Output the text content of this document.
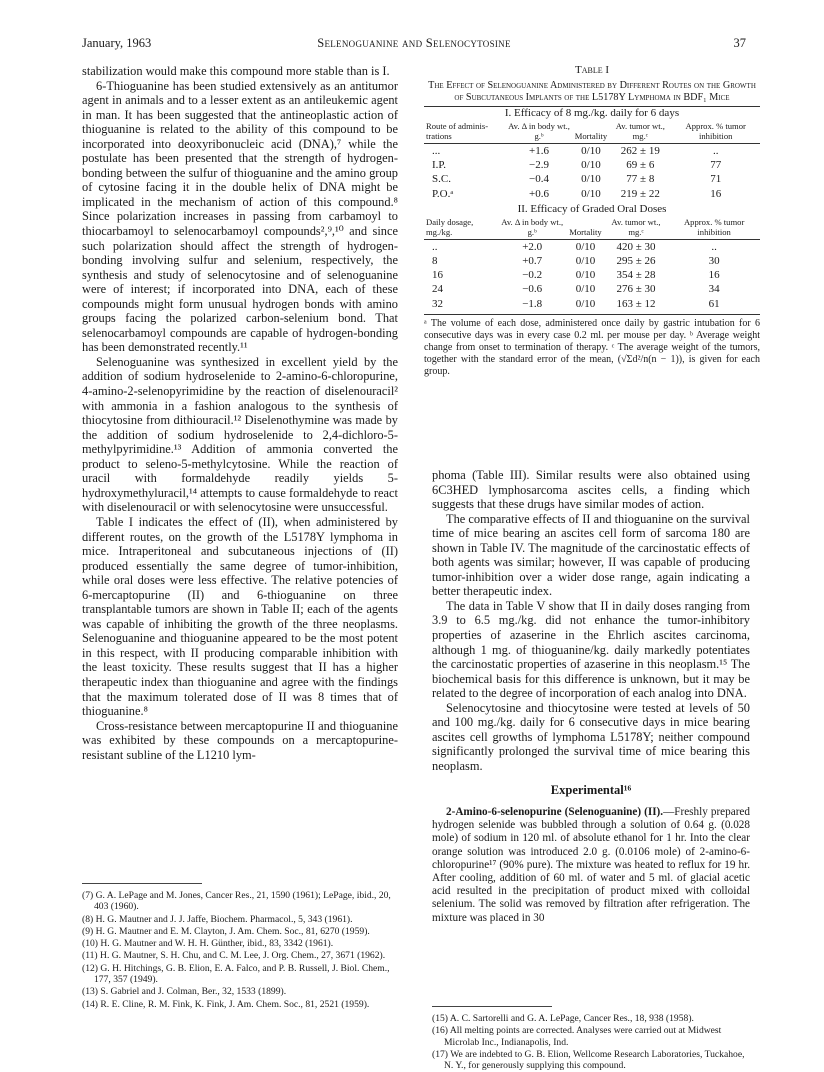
January, 1963	Selenoguanine and Selenocytosine	37

stabilization would make this compound more stable than is I.

6-Thioguanine has been studied extensively as an antitumor agent in animals and to a lesser extent as an antileukemic agent in man. It has been suggested that the antineoplastic action of thioguanine is related to the ability of this compound to be incorporated into deoxyribonucleic acid (DNA),⁷ while the postulate has been presented that the strength of hydrogen-bonding between the sulfur of thioguanine and the amino group of cytosine facing it in the double helix of DNA might be implicated in the mechanism of action of this compound.⁸ Since polarization increases in passing from carbamoyl to thiocarbamoyl to selenocarbamoyl compounds²,⁹,¹⁰ and since such polarization should affect the strength of hydrogen-bonding involving sulfur and selenium, respectively, the synthesis and study of selenocytosine and of selenoguanine were of interest; if incorporated into DNA, each of these compounds might form unusual hydrogen bonds with amino groups facing the polarized carbon-selenium bond. That selenocarbamoyl compounds are capable of hydrogen-bonding has been demonstrated recently.¹¹

Selenoguanine was synthesized in excellent yield by the addition of sodium hydroselenide to 2-amino-6-chloropurine, 4-amino-2-selenopyrimidine by the reaction of diselenouracil² with ammonia in a fashion analogous to the synthesis of thiocytosine from dithiouracil.¹² Diselenothymine was made by the addition of sodium hydroselenide to 2,4-dichloro-5-methylpyrimidine.¹³ Addition of ammonia converted the product to seleno-5-methylcytosine. While the reaction of uracil with formaldehyde readily yields 5-hydroxymethyluracil,¹⁴ attempts to cause formaldehyde to react with diselenouracil or with selenocytosine were unsuccessful.

Table I indicates the effect of (II), when administered by different routes, on the growth of the L5178Y lymphoma in mice. Intraperitoneal and subcutaneous injections of (II) produced essentially the same degree of tumor-inhibition, while oral doses were less effective. The relative potencies of 6-mercaptopurine (II) and 6-thioguanine on three transplantable tumors are shown in Table II; each of the agents was capable of inhibiting the growth of the three neoplasms. Selenoguanine and thioguanine appeared to be the most potent in this respect, with II producing comparable inhibition with the least toxicity. These results suggest that II has a higher therapeutic index than thioguanine and agree with the findings that the maximum tolerated dose of II was 8 times that of thioguanine.⁸

Cross-resistance between mercaptopurine II and thioguanine was exhibited by these compounds on a mercaptopurine-resistant subline of the L1210 lym-

Table I
The Effect of Selenoguanine Administered by Different Routes on the Growth of Subcutaneous Implants of the L5178Y Lymphoma in BDF₁ Mice
I. Efficacy of 8 mg./kg. daily for 6 days
Route of adminis-trations	Av. Δ in body wt., g.ᵇ	Mortality	Av. tumor wt., mg.ᶜ	Approx. % tumor inhibition
...	+1.6	0/10	262 ± 19	..
I.P.	−2.9	0/10	69 ± 6	77
S.C.	−0.4	0/10	77 ± 8	71
P.O.ᵃ	+0.6	0/10	219 ± 22	16
II. Efficacy of Graded Oral Doses
Daily dosage, mg./kg.	Av. Δ in body wt., g.ᵇ	Mortality	Av. tumor wt., mg.ᶜ	Approx. % tumor inhibition
..	+2.0	0/10	420 ± 30	..
8	+0.7	0/10	295 ± 26	30
16	−0.2	0/10	354 ± 28	16
24	−0.6	0/10	276 ± 30	34
32	−1.8	0/10	163 ± 12	61
ᵃ The volume of each dose, administered once daily by gastric intubation for 6 consecutive days was in every case 0.2 ml. per mouse per day. ᵇ Average weight change from onset to termination of therapy. ᶜ The average weight of the tumors, together with the standard error of the mean, (√Σd²/n(n − 1)), is given for each group.

phoma (Table III). Similar results were also obtained using 6C3HED lymphosarcoma ascites cells, a finding which suggests that these drugs have similar modes of action.

The comparative effects of II and thioguanine on the survival time of mice bearing an ascites cell form of sarcoma 180 are shown in Table IV. The magnitude of the carcinostatic effects of both agents was similar; however, II was capable of producing tumor-inhibition over a wider dose range, again indicating a better therapeutic index.

The data in Table V show that II in daily doses ranging from 3.9 to 6.5 mg./kg. did not enhance the tumor-inhibitory properties of azaserine in the Ehrlich ascites carcinoma, although 1 mg. of thioguanine/kg. daily markedly potentiates the carcinostatic properties of azaserine in this neoplasm.¹⁵ The biochemical basis for this difference is unknown, but it may be related to the degree of incorporation of each analog into DNA.

Selenocytosine and thiocytosine were tested at levels of 50 and 100 mg./kg. daily for 6 consecutive days in mice bearing ascites cell growths of lymphoma L5178Y; neither compound significantly prolonged the survival time of mice bearing this neoplasm.

Experimental¹⁶

2-Amino-6-selenopurine (Selenoguanine) (II).—Freshly prepared hydrogen selenide was bubbled through a solution of 0.64 g. (0.028 mole) of sodium in 120 ml. of absolute ethanol for 1 hr. Into the clear orange solution was introduced 2.0 g. (0.0106 mole) of 2-amino-6-chloropurine¹⁷ (90% pure). The mixture was heated to reflux for 19 hr. After cooling, addition of 60 ml. of water and 5 ml. of glacial acetic acid resulted in the precipitation of product mixed with colloidal selenium. The solid was removed by filtration after refrigeration. The mixture was placed in 30

(7) G. A. LePage and M. Jones, Cancer Res., 21, 1590 (1961); LePage, ibid., 20, 403 (1960).

(8) H. G. Mautner and J. J. Jaffe, Biochem. Pharmacol., 5, 343 (1961).

(9) H. G. Mautner and E. M. Clayton, J. Am. Chem. Soc., 81, 6270 (1959).

(10) H. G. Mautner and W. H. H. Günther, ibid., 83, 3342 (1961).

(11) H. G. Mautner, S. H. Chu, and C. M. Lee, J. Org. Chem., 27, 3671 (1962).

(12) G. H. Hitchings, G. B. Elion, E. A. Falco, and P. B. Russell, J. Biol. Chem., 177, 357 (1949).

(13) S. Gabriel and J. Colman, Ber., 32, 1533 (1899).

(14) R. E. Cline, R. M. Fink, K. Fink, J. Am. Chem. Soc., 81, 2521 (1959).

(15) A. C. Sartorelli and G. A. LePage, Cancer Res., 18, 938 (1958).

(16) All melting points are corrected. Analyses were carried out at Midwest Microlab Inc., Indianapolis, Ind.

(17) We are indebted to G. B. Elion, Wellcome Research Laboratories, Tuckahoe, N. Y., for generously supplying this compound.
